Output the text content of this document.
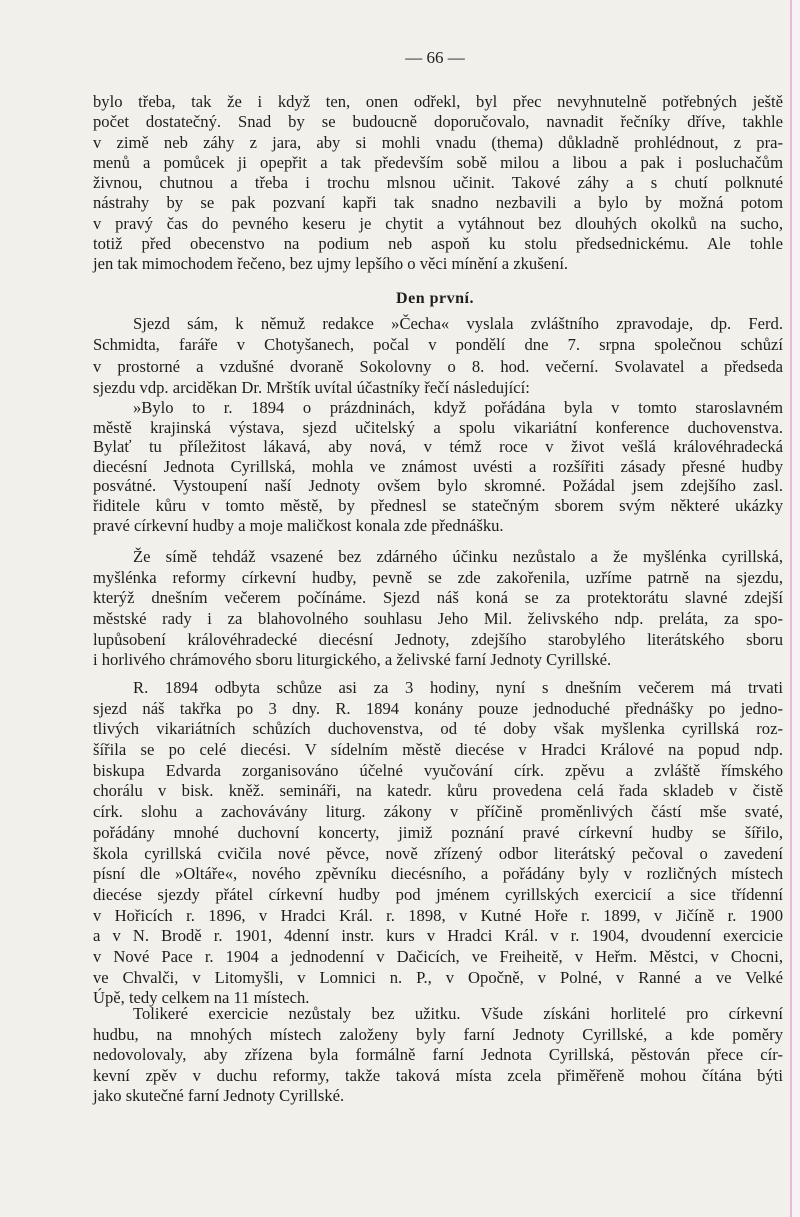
— 66 —
Den první.
bylo třeba, tak že i když ten, onen odřekl, byl přec nevyhnutelně potřebných ještě
počet dostatečný. Snad by se budoucně doporučovalo, navnadit řečníky dříve, takhle
v zimě neb záhy z jara, aby si mohli vnadu (thema) důkladně prohlédnout, z pra-
menů a pomůcek ji opepřit a tak především sobě milou a libou a pak i posluchačům
živnou, chutnou a třeba i trochu mlsnou učinit. Takové záhy a s chutí polknuté
nástrahy by se pak pozvaní kapři tak snadno nezbavili a bylo by možná potom
v pravý čas do pevného keseru je chytit a vytáhnout bez dlouhých okolků na sucho,
totiž před obecenstvo na podium neb aspoň ku stolu předsednickému. Ale tohle
jen tak mimochodem řečeno, bez ujmy lepšího o věci mínění a zkušení.
Sjezd sám, k němuž redakce »Čecha« vyslala zvláštního zpravodaje, dp. Ferd.
Schmidta, faráře v Chotyšanech, počal v pondělí dne 7. srpna společnou schůzí
v prostorné a vzdušné dvoraně Sokolovny o 8. hod. večerní. Svolavatel a předseda
sjezdu vdp. arciděkan Dr. Mrštík uvítal účastníky řečí následující:
»Bylo to r. 1894 o prázdninách, když pořádána byla v tomto staroslavném
městě krajinská výstava, sjezd učitelský a spolu vikariátní konference duchovenstva.
Bylať tu příležitost lákavá, aby nová, v témž roce v život vešlá královéhradecká
diecésní Jednota Cyrillská, mohla ve známost uvésti a rozšířiti zásady přesné hudby
posvátné. Vystoupení naší Jednoty ovšem bylo skromné. Požádal jsem zdejšího zasl.
řiditele kůru v tomto městě, by přednesl se statečným sborem svým některé ukázky
pravé církevní hudby a moje maličkost konala zde přednášku.
Že símě tehdáž vsazené bez zdárného účinku nezůstalo a že myšlénka cyrillská,
myšlénka reformy církevní hudby, pevně se zde zakořenila, uzříme patrně na sjezdu,
kterýž dnešním večerem počínáme. Sjezd náš koná se za protektorátu slavné zdejší
městské rady i za blahovolného souhlasu Jeho Mil. želivského ndp. preláta, za spo-
lupůsobení královéhradecké diecésní Jednoty, zdejšího starobylého literátského sboru
i horlivého chrámového sboru liturgického, a želivské farní Jednoty Cyrillské.
R. 1894 odbyta schůze asi za 3 hodiny, nyní s dnešním večerem má trvati
sjezd náš takřka po 3 dny. R. 1894 konány pouze jednoduché přednášky po jedno-
tlivých vikariátních schůzích duchovenstva, od té doby však myšlenka cyrillská roz-
šířila se po celé diecési. V sídelním městě diecése v Hradci Králové na popud ndp.
biskupa Edvarda zorganisováno účelné vyučování círk. zpěvu a zvláště římského
chorálu v bisk. kněž. semináři, na katedr. kůru provedena celá řada skladeb v čistě
círk. slohu a zachovávány liturg. zákony v příčině proměnlivých částí mše svaté,
pořádány mnohé duchovní koncerty, jimiž poznání pravé církevní hudby se šířilo,
škola cyrillská cvičila nové pěvce, nově zřízený odbor literátský pečoval o zavedení
písní dle »Oltáře«, nového zpěvníku diecésního, a pořádány byly v rozličných místech
diecése sjezdy přátel církevní hudby pod jménem cyrillských exercicií a sice třídenní
v Hořicích r. 1896, v Hradci Král. r. 1898, v Kutné Hoře r. 1899, v Jičíně r. 1900
a v N. Brodě r. 1901, 4denní instr. kurs v Hradci Král. v r. 1904, dvoudenní exercicie
v Nové Pace r. 1904 a jednodenní v Dačicích, ve Freiheitě, v Heřm. Městci, v Chocni,
ve Chvalči, v Litomyšli, v Lomnici n. P., v Opočně, v Polné, v Ranné a ve Velké
Úpě, tedy celkem na 11 místech.
Tolikeré exercicie nezůstaly bez užitku. Všude získáni horlitelé pro církevní
hudbu, na mnohých místech založeny byly farní Jednoty Cyrillské, a kde poměry
nedovolovaly, aby zřízena byla formálně farní Jednota Cyrillská, pěstován přece cír-
kevní zpěv v duchu reformy, takže taková místa zcela přiměřeně mohou čítána býti
jako skutečné farní Jednoty Cyrillské.
